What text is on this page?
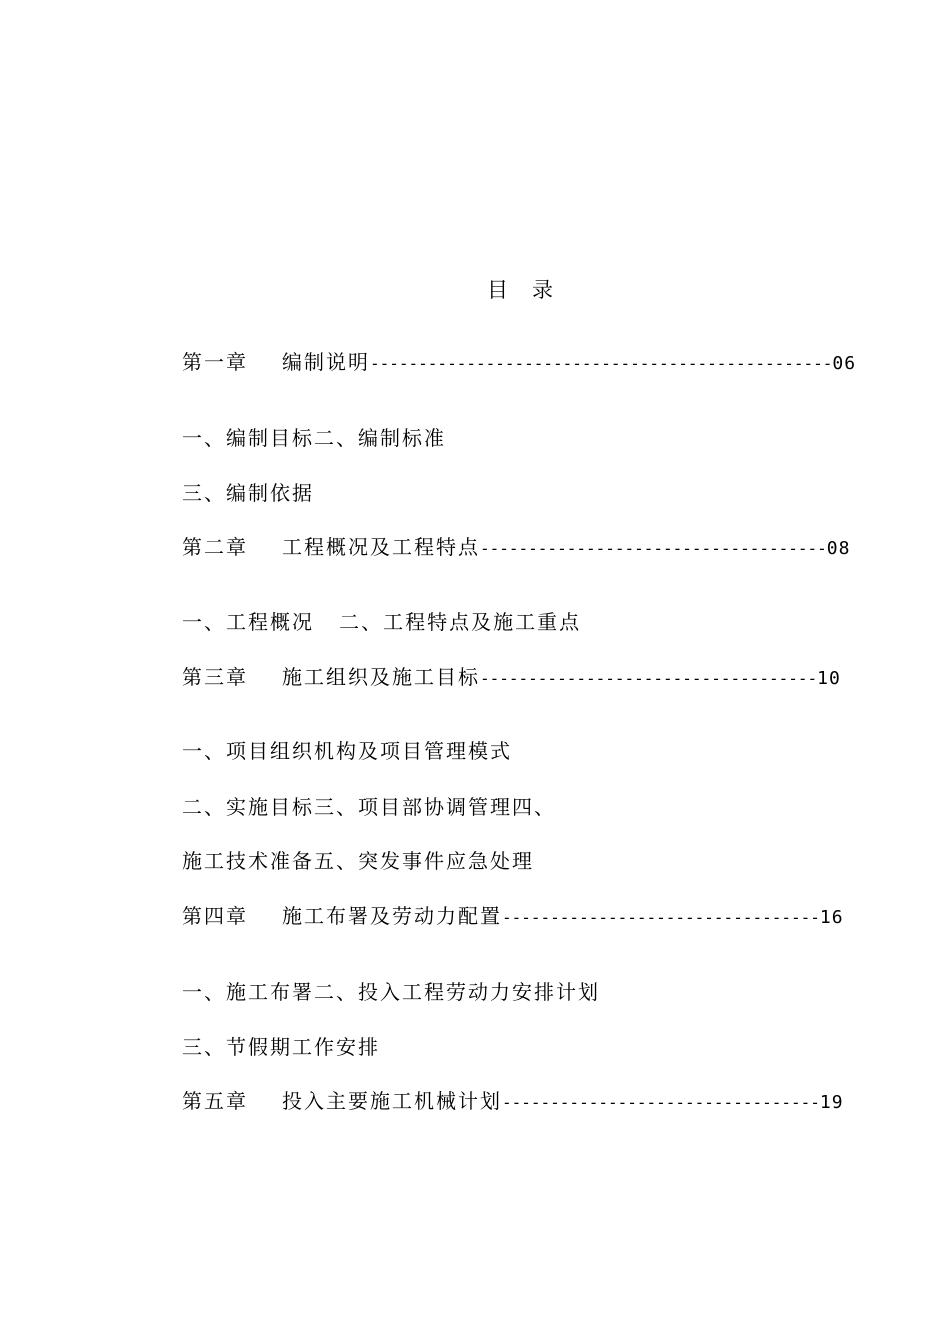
目录
第一章 编制说明------------------------------------------------06
一、编制目标二、编制标准
三、编制依据
第二章 工程概况及工程特点------------------------------------08
一、工程概况   二、工程特点及施工重点
第三章 施工组织及施工目标-----------------------------------10
一、项目组织机构及项目管理模式
二、实施目标三、项目部协调管理四、
施工技术准备五、突发事件应急处理
第四章 施工布署及劳动力配置---------------------------------16
一、施工布署二、投入工程劳动力安排计划
三、节假期工作安排
第五章 投入主要施工机械计划---------------------------------19
